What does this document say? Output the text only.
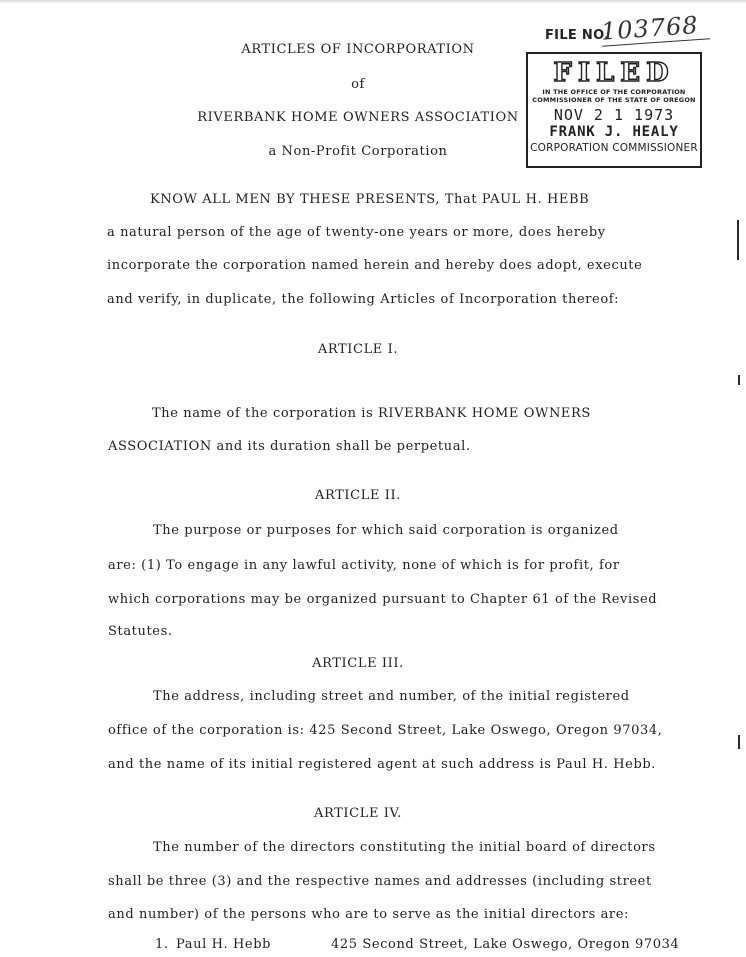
FILE NO.
103768
FILED
IN THE OFFICE OF THE CORPORATION
COMMISSIONER OF THE STATE OF OREGON
NOV 2 1 1973
FRANK J. HEALY
CORPORATION COMMISSIONER
ARTICLES OF INCORPORATION
of
RIVERBANK HOME OWNERS ASSOCIATION
a Non-Profit Corporation
KNOW ALL MEN BY THESE PRESENTS, That PAUL H. HEBB
a natural person of the age of twenty-one years or more, does hereby
incorporate the corporation named herein and hereby does adopt, execute
and verify, in duplicate, the following Articles of Incorporation thereof:
ARTICLE I.
The name of the corporation is RIVERBANK HOME OWNERS
ASSOCIATION and its duration shall be perpetual.
ARTICLE II.
The purpose or purposes for which said corporation is organized
are: (1) To engage in any lawful activity, none of which is for profit, for
which corporations may be organized pursuant to Chapter 61 of the Revised
Statutes.
ARTICLE III.
The address, including street and number, of the initial registered
office of the corporation is: 425 Second Street, Lake Oswego, Oregon 97034,
and the name of its initial registered agent at such address is Paul H. Hebb.
ARTICLE IV.
The number of the directors constituting the initial board of directors
shall be three (3) and the respective names and addresses (including street
and number) of the persons who are to serve as the initial directors are:
1. Paul H. Hebb	425 Second Street, Lake Oswego, Oregon 97034
